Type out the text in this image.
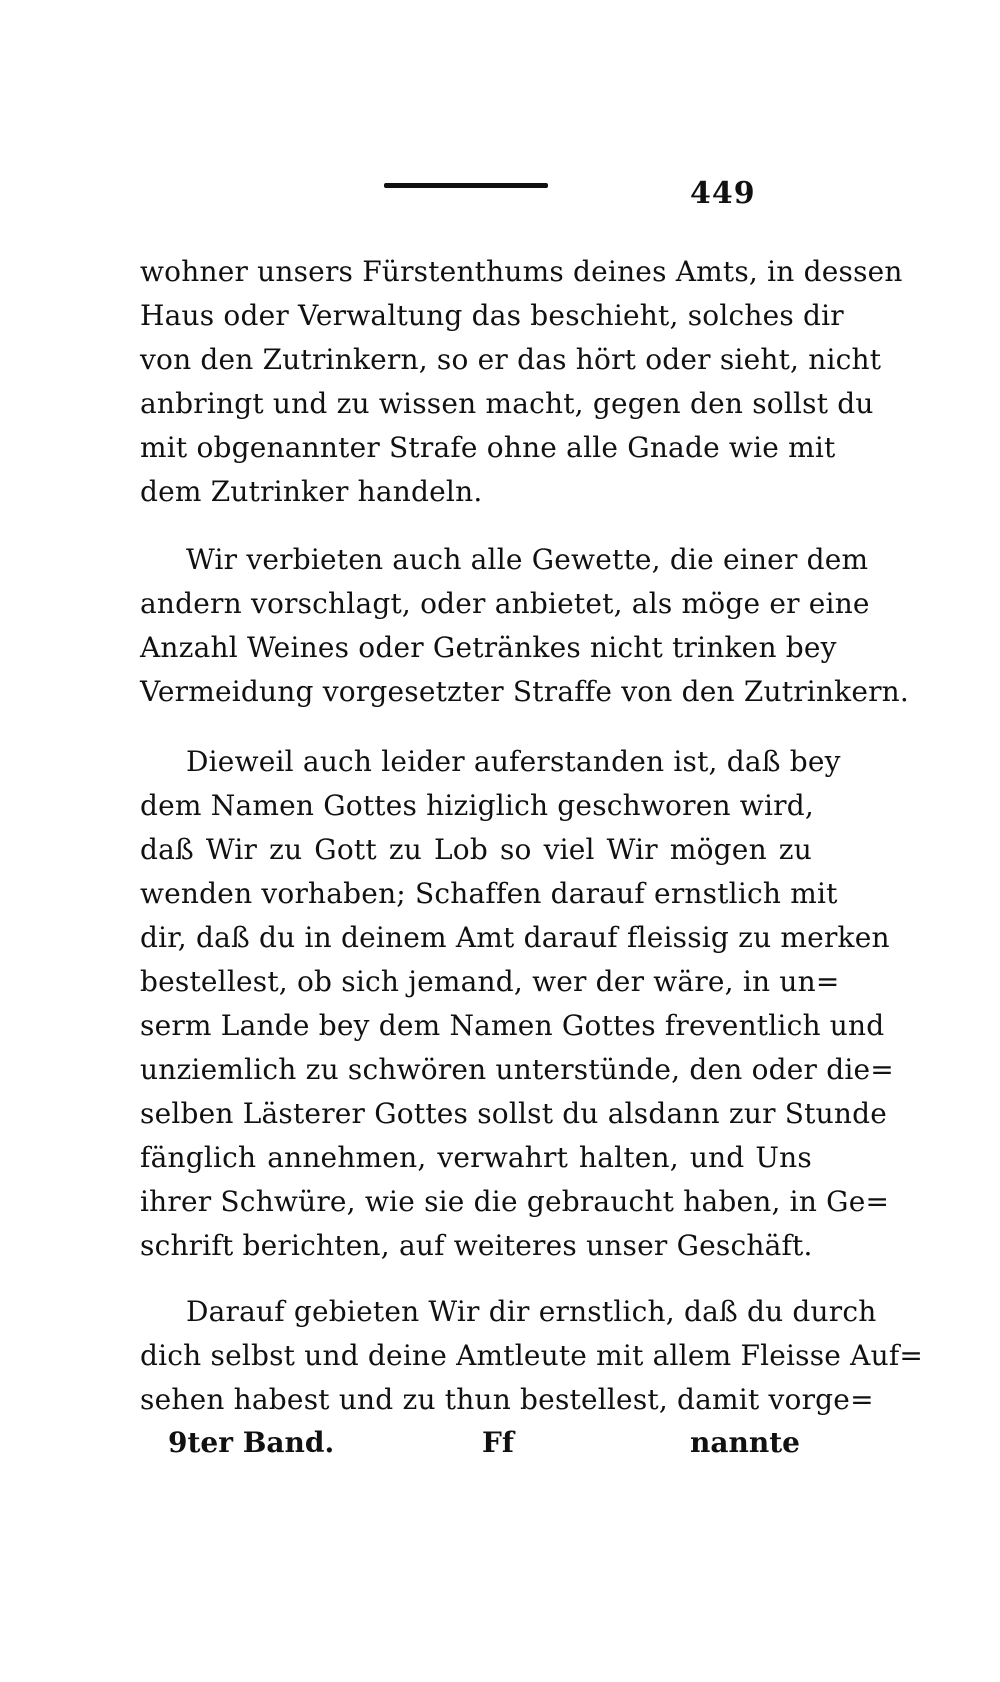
449
wohner unsers Fürstenthums deines Amts, in dessen
Haus oder Verwaltung das beschieht, solches dir
von den Zutrinkern, so er das hört oder sieht, nicht
anbringt und zu wissen macht, gegen den sollst du
mit obgenannter Strafe ohne alle Gnade wie mit
dem Zutrinker handeln.
Wir verbieten auch alle Gewette, die einer dem
andern vorschlagt, oder anbietet, als möge er eine
Anzahl Weines oder Getränkes nicht trinken bey
Vermeidung vorgesetzter Straffe von den Zutrinkern.
Dieweil auch leider auferstanden ist, daß bey
dem Namen Gottes hiziglich geschworen wird,
daß Wir zu Gott zu Lob so viel Wir mögen zu
wenden vorhaben; Schaffen darauf ernstlich mit
dir, daß du in deinem Amt darauf fleissig zu merken
bestellest, ob sich jemand, wer der wäre, in un=
serm Lande bey dem Namen Gottes freventlich und
unziemlich zu schwören unterstünde, den oder die=
selben Lästerer Gottes sollst du alsdann zur Stunde
fänglich annehmen, verwahrt halten, und Uns
ihrer Schwüre, wie sie die gebraucht haben, in Ge=
schrift berichten, auf weiteres unser Geschäft.
Darauf gebieten Wir dir ernstlich, daß du durch
dich selbst und deine Amtleute mit allem Fleisse Auf=
sehen habest und zu thun bestellest, damit vorge=
9ter Band.	Ff	nannte
